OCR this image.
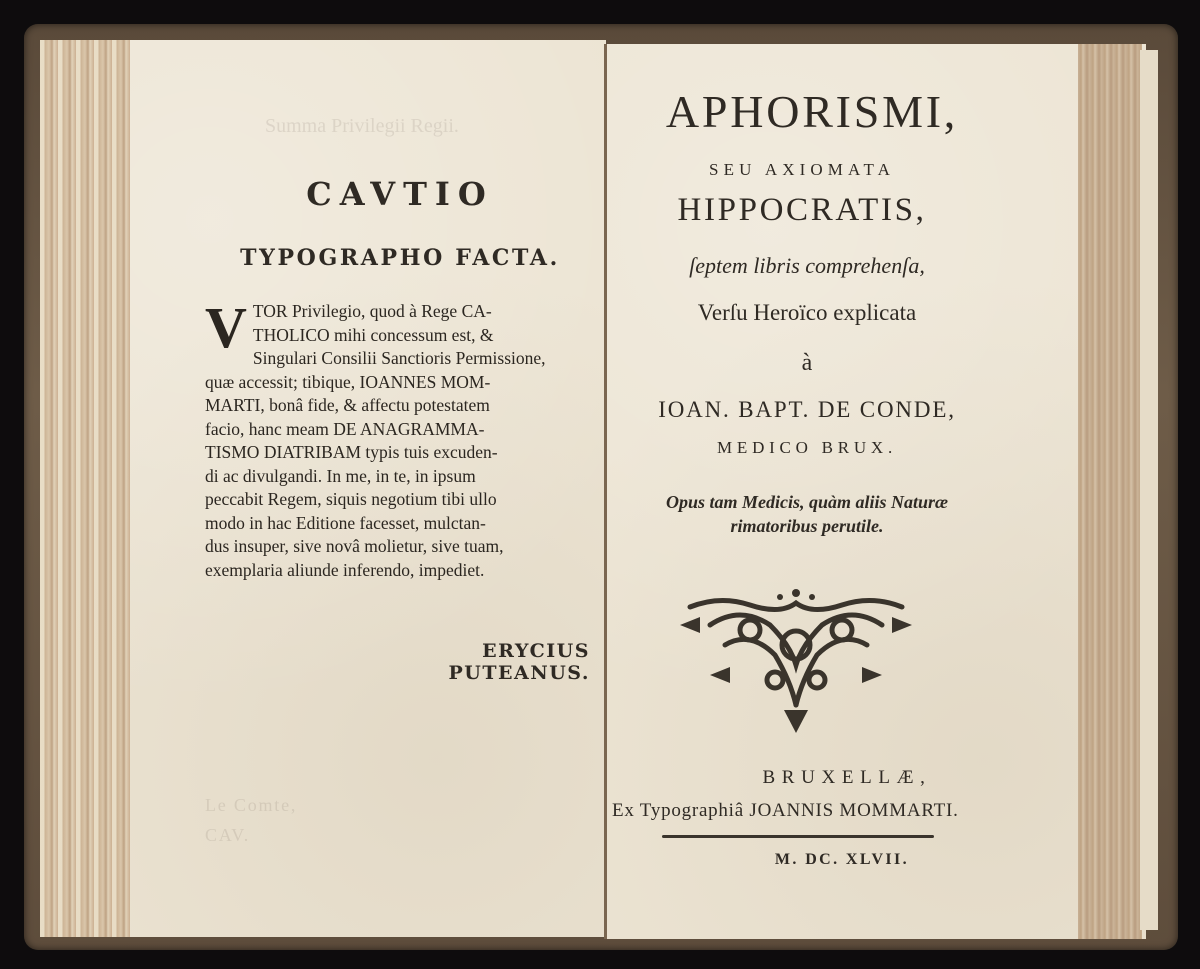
Summa Privilegii Regii.
Le Comte,
CAV.
CAVTIO
TYPOGRAPHO FACTA.
V TOR Privilegio, quod à Rege CA-
THOLICO mihi concessum est, &
Singulari Consilii Sanctioris Permissione,
quæ accessit; tibique, IOANNES MOM-
MARTI, bonâ fide, & affectu potestatem
facio, hanc meam DE ANAGRAMMA-
TISMO DIATRIBAM typis tuis excuden-
di ac divulgandi. In me, in te, in ipsum
peccabit Regem, siquis negotium tibi ullo
modo in hac Editione facesset, mulctan-
dus insuper, sive novâ molietur, sive tuam,
exemplaria aliunde inferendo, impediet.
ERYCIUS PUTEANUS.
APHORISMI,
SEU AXIOMATA
HIPPOCRATIS,
ſeptem libris comprehenſa,
Verſu Heroïco explicata
à
IOAN. BAPT. DE CONDE,
MEDICO BRUX.
Opus tam Medicis, quàm aliis Naturæ
rimatoribus perutile.
BRUXELLÆ,
Ex Typographiâ JOANNIS MOMMARTI.
M. DC. XLVII.
